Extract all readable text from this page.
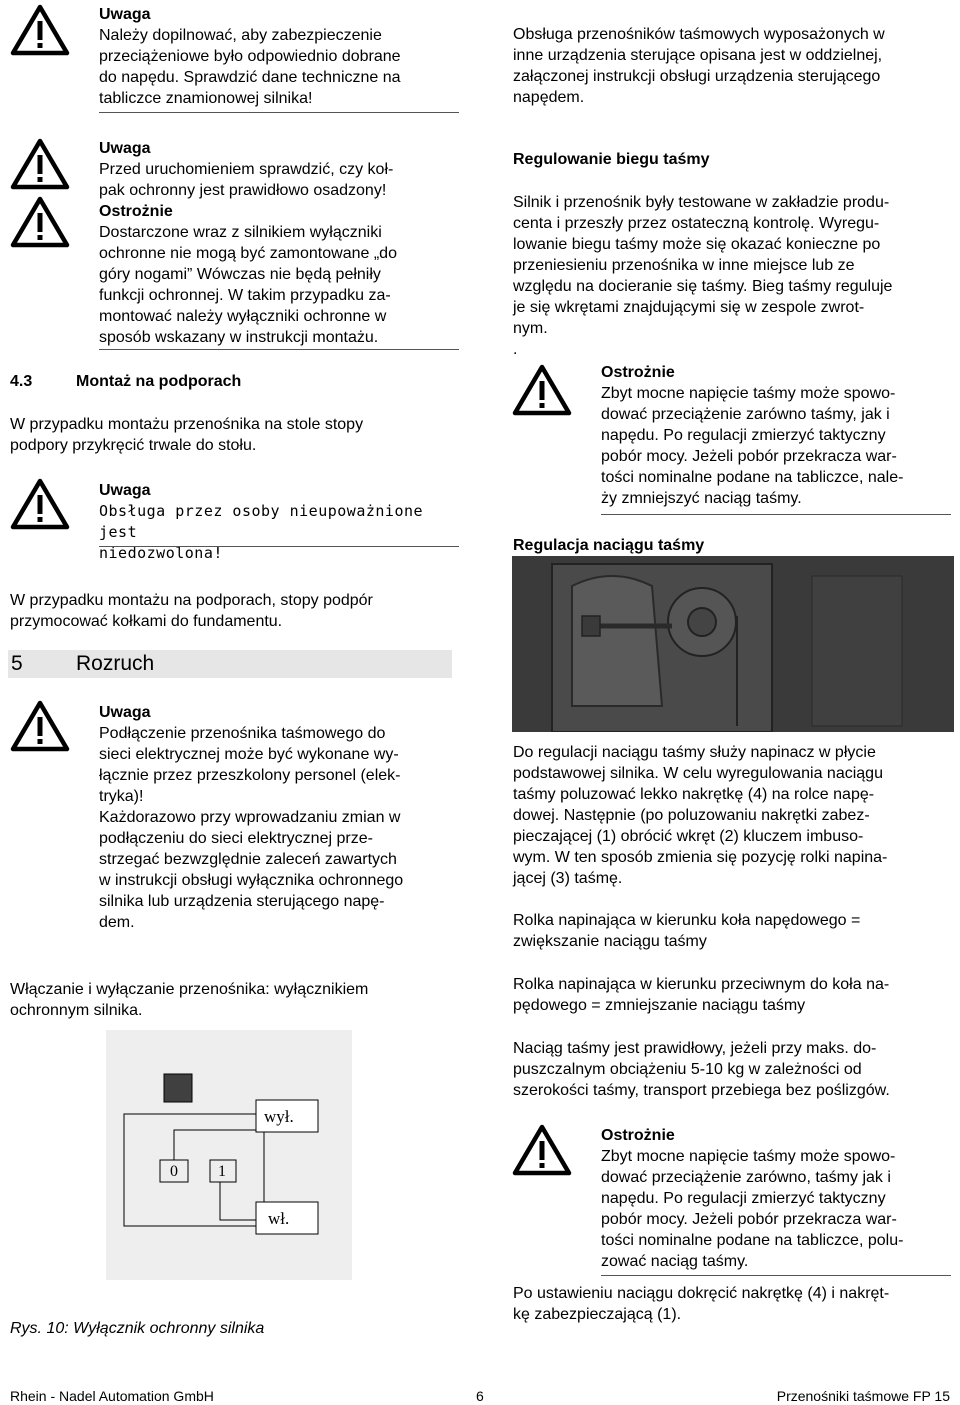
Uwaga
Należy dopilnować, aby zabezpieczenie
przeciążeniowe było odpowiednio dobrane
do napędu. Sprawdzić dane techniczne na
tabliczce znamionowej silnika!
Uwaga
Przed uruchomieniem sprawdzić, czy koł-
pak ochronny jest prawidłowo osadzony!
Ostrożnie
Dostarczone wraz z silnikiem wyłączniki
ochronne nie mogą być zamontowane „do
góry nogami” Wówczas nie będą pełniły
funkcji ochronnej. W takim przypadku za-
montować należy wyłączniki ochronne w
sposób wskazany w instrukcji montażu.
4.3	Montaż na podporach
W przypadku montażu przenośnika na stole stopy
podpory przykręcić trwale do stołu.
Uwaga
Obsługa przez osoby nieupoważnione jest
niedozwolona!
W przypadku montażu na podporach, stopy podpór
przymocować kołkami do fundamentu.
5	Rozruch
Uwaga
Podłączenie przenośnika taśmowego do
sieci elektrycznej może być wykonane wy-
łącznie przez przeszkolony personel (elek-
tryka)!
Każdorazowo przy wprowadzaniu zmian w
podłączeniu do sieci elektrycznej prze-
strzegać bezwzględnie zaleceń zawartych
w instrukcji obsługi wyłącznika ochronnego
silnika lub urządzenia sterującego napę-
dem.
Włączanie i wyłączanie przenośnika: wyłącznikiem
ochronnym silnika.
wył.
wł.
0	1
Rys. 10: Wyłącznik ochronny silnika
Obsługa przenośników taśmowych wyposażonych w
inne urządzenia sterujące opisana jest w oddzielnej,
załączonej instrukcji obsługi urządzenia sterującego
napędem.
Regulowanie biegu taśmy
Silnik i przenośnik były testowane w zakładzie produ-
centa i przeszły przez ostateczną kontrolę. Wyregu-
lowanie biegu taśmy może się okazać konieczne po
przeniesieniu przenośnika w inne miejsce lub ze
względu na docieranie się taśmy. Bieg taśmy reguluje
je się wkrętami znajdującymi się w zespole zwrot-
nym.
.
Ostrożnie
Zbyt mocne napięcie taśmy może spowo-
dować przeciążenie zarówno taśmy, jak i
napędu. Po regulacji zmierzyć taktyczny
pobór mocy. Jeżeli pobór przekracza war-
tości nominalne podane na tabliczce, nale-
ży zmniejszyć naciąg taśmy.
Regulacja naciągu taśmy
Do regulacji naciągu taśmy służy napinacz w płycie
podstawowej silnika. W celu wyregulowania naciągu
taśmy poluzować lekko nakrętkę (4) na rolce napę-
dowej. Następnie (po poluzowaniu nakrętki zabez-
pieczającej (1) obrócić wkręt (2) kluczem imbuso-
wym. W ten sposób zmienia się pozycję rolki napina-
jącej (3) taśmę.
Rolka napinająca w kierunku koła napędowego =
zwiększanie naciągu taśmy
Rolka napinająca w kierunku przeciwnym do koła na-
pędowego = zmniejszanie naciągu taśmy
Naciąg taśmy jest prawidłowy, jeżeli przy maks. do-
puszczalnym obciążeniu 5-10 kg w zależności od
szerokości taśmy, transport przebiega bez poślizgów.
Ostrożnie
Zbyt mocne napięcie taśmy może spowo-
dować przeciążenie zarówno, taśmy jak i
napędu. Po regulacji zmierzyć taktyczny
pobór mocy. Jeżeli pobór przekracza war-
tości nominalne podane na tabliczce, polu-
zować naciąg taśmy.
Po ustawieniu naciągu dokręcić nakrętkę (4) i nakręt-
kę zabezpieczającą (1).
Rhein - Nadel Automation GmbH	6	Przenośniki taśmowe FP 15
